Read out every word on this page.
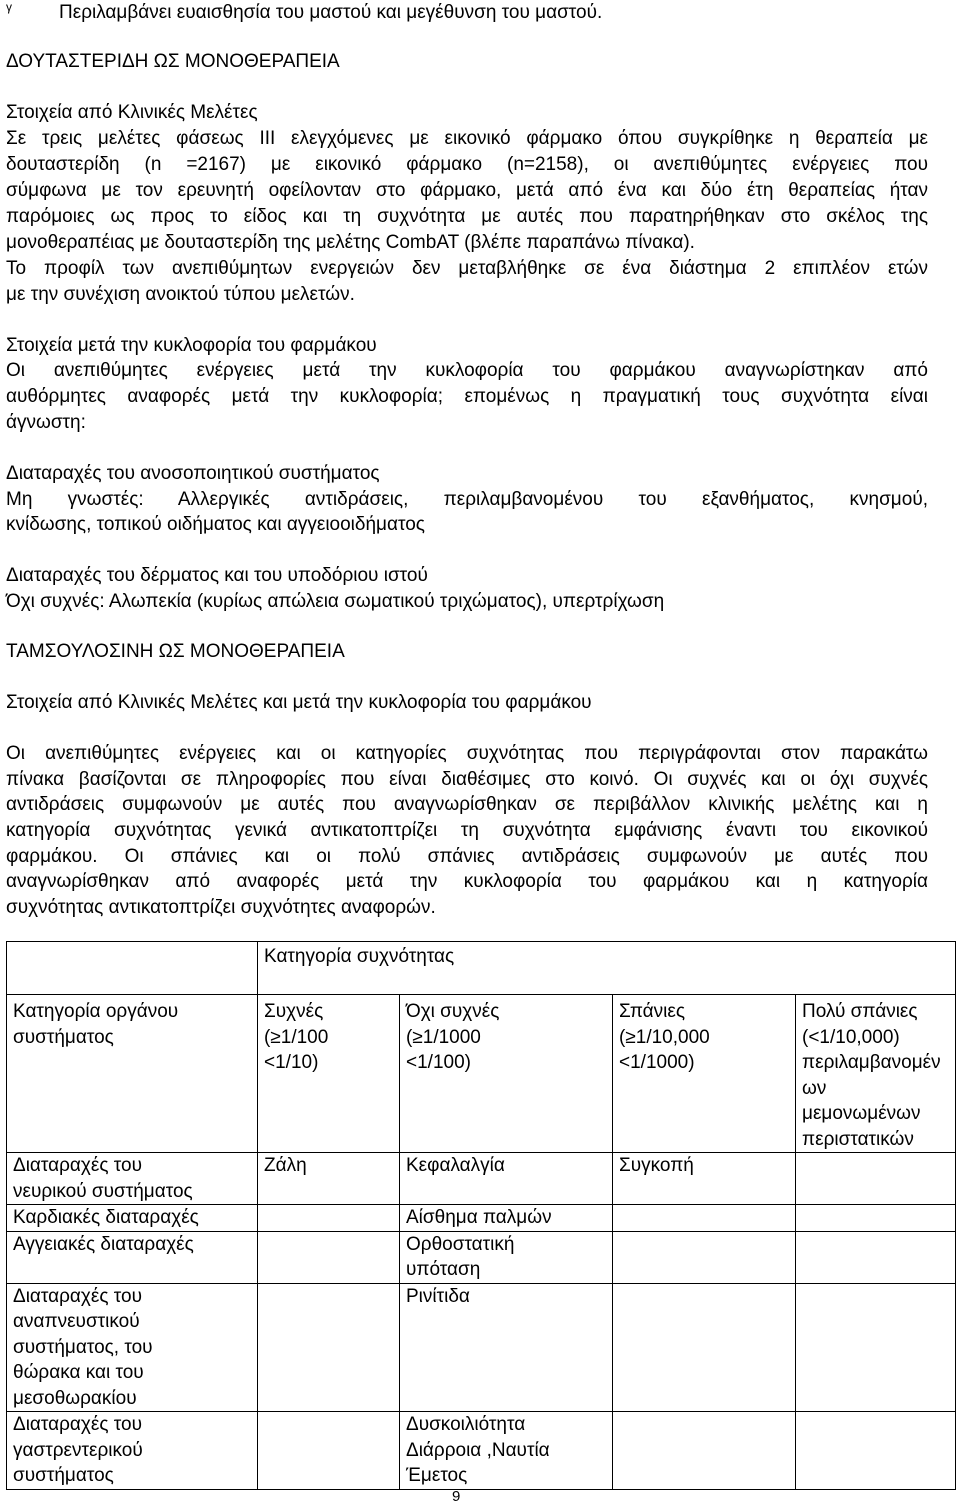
γ Περιλαμβάνει ευαισθησία του μαστού και μεγέθυνση του μαστού.
ΔΟΥΤΑΣΤΕΡΙΔΗ ΩΣ ΜΟΝΟΘΕΡΑΠΕΙΑ
Στοιχεία από Κλινικές Μελέτες
Σε τρεις μελέτες φάσεως ΙΙΙ ελεγχόμενες με εικονικό φάρμακο όπου συγκρίθηκε η θεραπεία με
δουταστερίδη (n =2167) με εικονικό φάρμακο (n=2158), οι ανεπιθύμητες ενέργειες που
σύμφωνα με τον ερευνητή οφείλονταν στο φάρμακο, μετά από ένα και δύο έτη θεραπείας ήταν
παρόμοιες ως προς το είδος και τη συχνότητα με αυτές που παρατηρήθηκαν στο σκέλος της
μονοθεραπέιας με δουταστερίδη της μελέτης CombAT (βλέπε παραπάνω πίνακα).
Το προφίλ των ανεπιθύμητων ενεργειών δεν μεταβλήθηκε σε ένα διάστημα 2 επιπλέον ετών
με την συνέχιση ανοικτού τύπου μελετών.
Στοιχεία μετά την κυκλοφορία του φαρμάκου
Οι ανεπιθύμητες ενέργειες μετά την κυκλοφορία του φαρμάκου αναγνωρίστηκαν από
αυθόρμητες αναφορές μετά την κυκλοφορία; επομένως η πραγματική τους συχνότητα είναι
άγνωστη:
Διαταραχές του ανοσοποιητικού συστήματος
Μη γνωστές: Αλλεργικές αντιδράσεις, περιλαμβανομένου του εξανθήματος, κνησμού,
κνίδωσης, τοπικού οιδήματος και αγγειοοιδήματος
Διαταραχές του δέρματος και του υποδόριου ιστού
Όχι συχνές: Αλωπεκία (κυρίως απώλεια σωματικού τριχώματος), υπερτρίχωση
ΤΑΜΣΟΥΛΟΣΙΝΗ ΩΣ ΜΟΝΟΘΕΡΑΠΕΙΑ
Στοιχεία από Κλινικές Μελέτες και μετά την κυκλοφορία του φαρμάκου
Οι ανεπιθύμητες ενέργειες και οι κατηγορίες συχνότητας που περιγράφονται στον παρακάτω
πίνακα βασίζονται σε πληροφορίες που είναι διαθέσιμες στο κοινό. Οι συχνές και οι όχι συχνές
αντιδράσεις συμφωνούν με αυτές που αναγνωρίσθηκαν σε περιβάλλον κλινικής μελέτης και η
κατηγορία συχνότητας γενικά αντικατοπτρίζει τη συχνότητα εμφάνισης έναντι του εικονικού
φαρμάκου. Οι σπάνιες και οι πολύ σπάνιες αντιδράσεις συμφωνούν με αυτές που
αναγνωρίσθηκαν από αναφορές μετά την κυκλοφορία του φαρμάκου και η κατηγορία
συχνότητας αντικατοπτρίζει συχνότητες αναφορών.
	Κατηγορία συχνότητας			

Κατηγορία οργάνου
συστήματος	Συχνές
(≥1/100
<1/10)	Όχι συχνές
(≥1/1000
<1/100)	Σπάνιες
(≥1/10,000
<1/1000)	Πολύ σπάνιες
(<1/10,000)
περιλαμβανομέν
ων μεμονωμένων
περιστατικών

Διαταραχές του
νευρικού συστήματος	Ζάλη	Κεφαλαλγία	Συγκοπή	

Καρδιακές διαταραχές		Αίσθημα παλμών		

Αγγειακές διαταραχές		Ορθοστατική
υπόταση		

Διαταραχές του
αναπνευστικού
συστήματος, του
θώρακα και του
μεσοθωρακίου		Ρινίτιδα		

Διαταραχές του
γαστρεντερικού
συστήματος		Δυσκοιλιότητα
Διάρροια ,Ναυτία
Έμετος		

9
